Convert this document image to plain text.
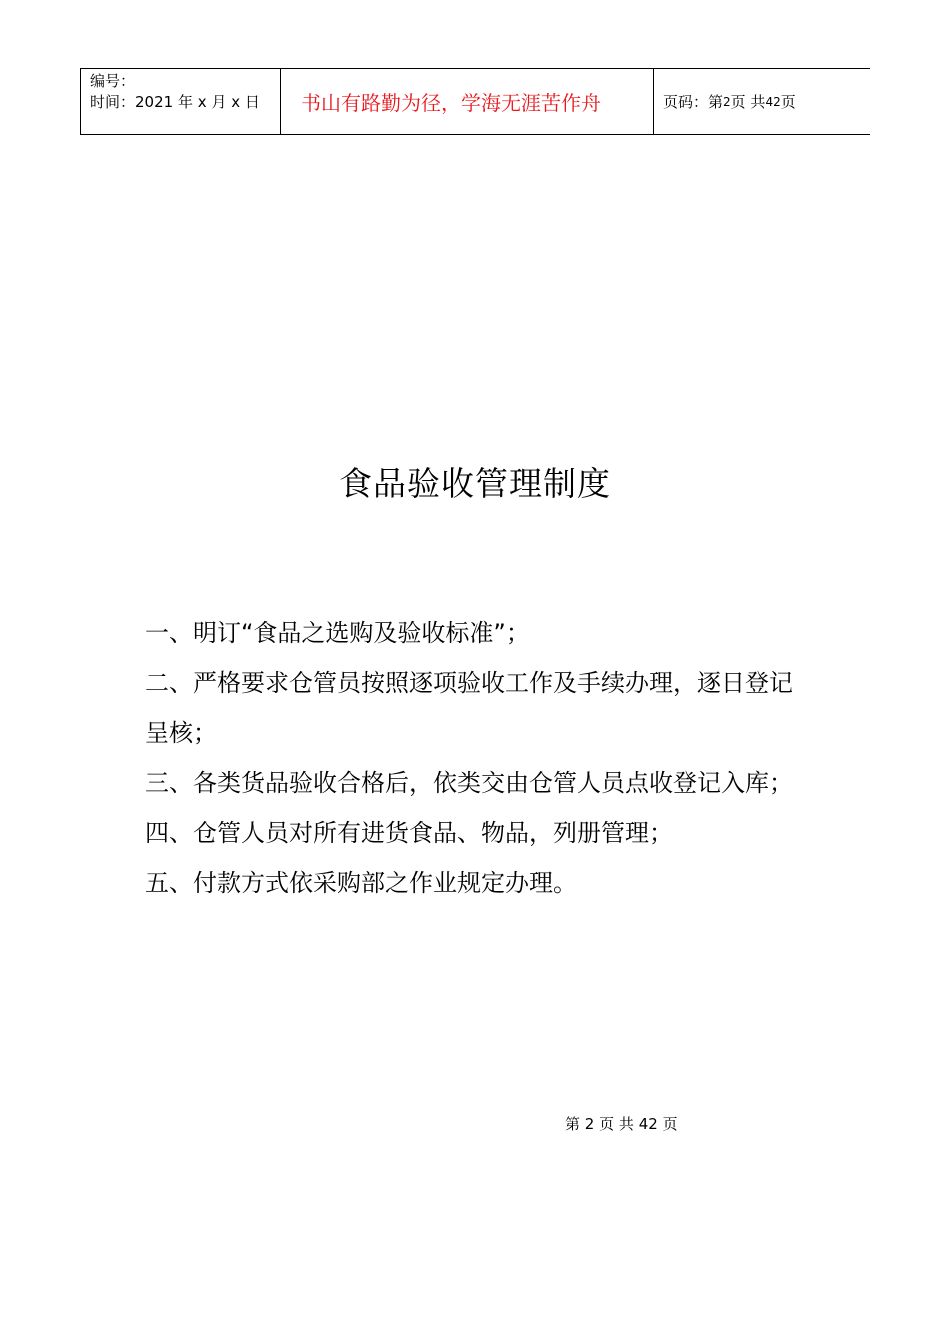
编号：
时间：2021 年 x 月 x 日	书山有路勤为径，学海无涯苦作舟	页码：第 2 页 共 42 页
食品验收管理制度

一、明订“食品之选购及验收标准”；

二、严格要求仓管员按照逐项验收工作及手续办理，逐日登记呈核；

三、各类货品验收合格后，依类交由仓管人员点收登记入库；

四、仓管人员对所有进货食品、物品，列册管理；

五、付款方式依采购部之作业规定办理。

第 2 页 共 42 页
